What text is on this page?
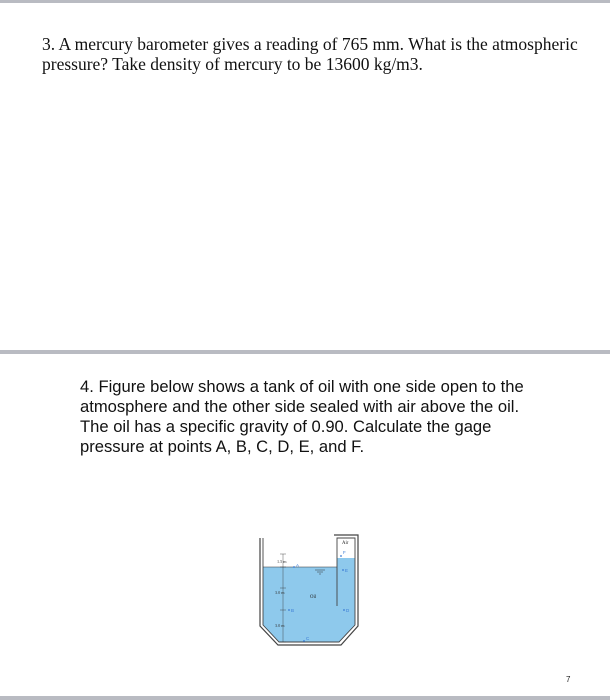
3. A mercury barometer gives a reading of 765 mm. What is the atmospheric pressure? Take density of mercury to be 13600 kg/m3.
4. Figure below shows a tank of oil with one side open to the atmosphere and the other side sealed with air above the oil. The oil has a specific gravity of 0.90. Calculate the gage pressure at points A, B, C, D, E, and F.
1.5 m
3.0 m
3.0 m
Air
Oil
A
B
C
D
E
F
7
